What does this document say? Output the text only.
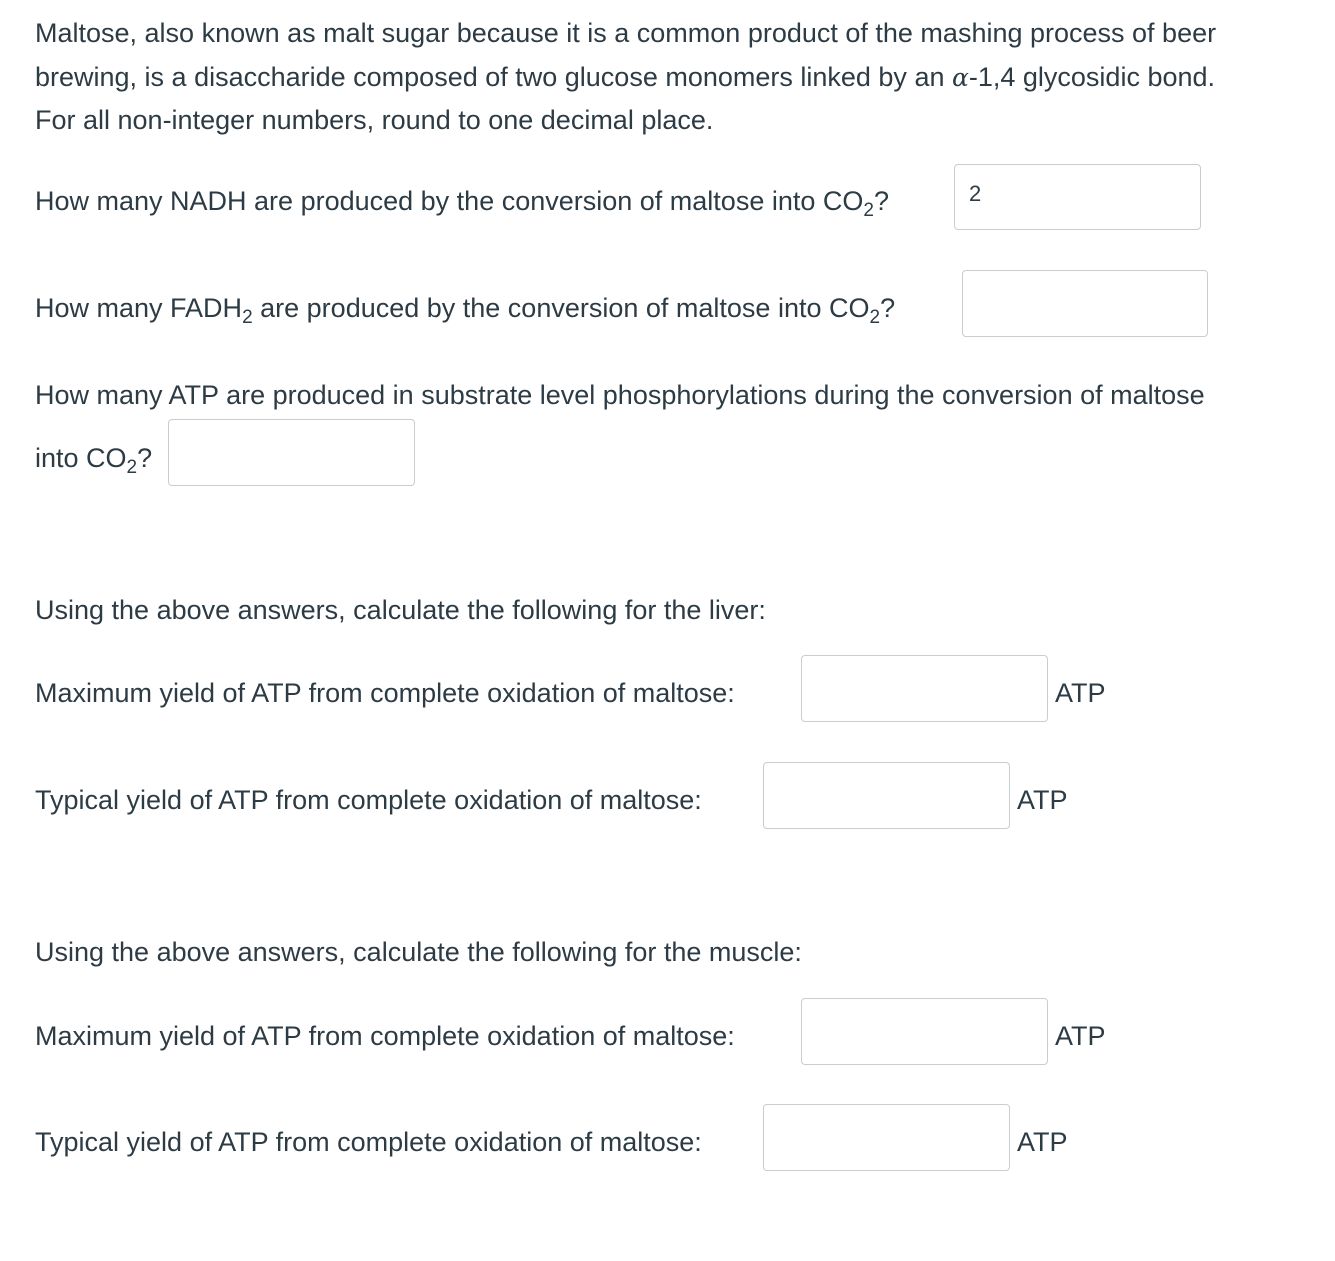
Maltose, also known as malt sugar because it is a common product of the mashing process of beer

brewing, is a disaccharide composed of two glucose monomers linked by an α-1,4 glycosidic bond.

For all non-integer numbers, round to one decimal place.

How many NADH are produced by the conversion of maltose into $CO_2$?
2
How many $FADH_2$ are produced by the conversion of maltose into $CO_2$?
How many ATP are produced in substrate level phosphorylations during the conversion of maltose
into $CO_2$?
Using the above answers, calculate the following for the liver:
Maximum yield of ATP from complete oxidation of maltose:	ATP
Typical yield of ATP from complete oxidation of maltose:	ATP
Using the above answers, calculate the following for the muscle:
Maximum yield of ATP from complete oxidation of maltose:	ATP
Typical yield of ATP from complete oxidation of maltose:	ATP
